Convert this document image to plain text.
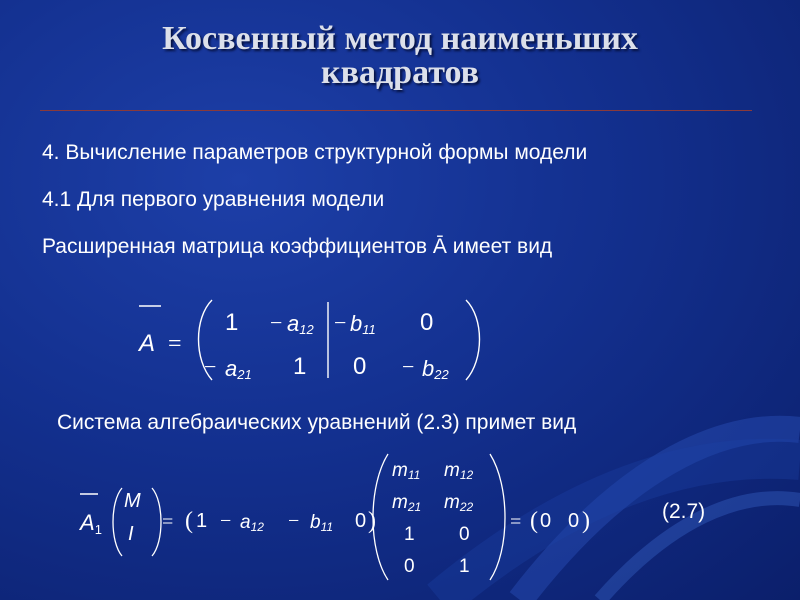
Косвенный метод наименьших
квадратов
4. Вычисление параметров структурной формы модели
4.1 Для первого уравнения модели
Расширенная матрица коэффициентов Ā имеет вид
A =
1 − a12 − b11 0
− a21 1 0 − b22
Система алгебраических уравнений (2.3) примет вид
A1
M
I
= ( 1 − a12 − b11 0 )
m11 m12
m21 m22
1 0
0 1
= ( 0 0 )	(2.7)
